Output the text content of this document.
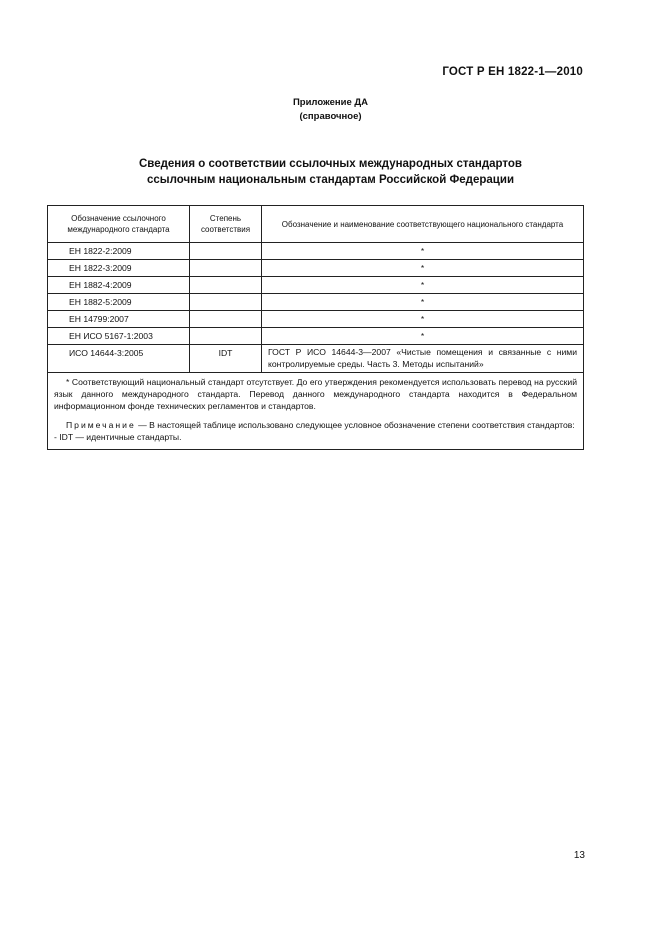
ГОСТ Р ЕН 1822-1—2010
Приложение ДА
(справочное)
Сведения о соответствии ссылочных международных стандартов
ссылочным национальным стандартам Российской Федерации
Обозначение ссылочного международного стандарта	Степень соответствия	Обозначение и наименование соответствующего национального стандарта
ЕН 1822-2:2009		*
ЕН 1822-3:2009		*
ЕН 1882-4:2009		*
ЕН 1882-5:2009		*
ЕН 14799:2007		*
ЕН ИСО 5167-1:2003		*
ИСО 14644-3:2005	IDT	ГОСТ Р ИСО 14644-3—2007 «Чистые помещения и связанные с ними контролируемые среды. Часть 3. Методы испытаний»

* Соответствующий национальный стандарт отсутствует. До его утверждения рекомендуется использовать перевод на русский язык данного международного стандарта. Перевод данного международного стандарта находится в Федеральном информационном фонде технических регламентов и стандартов.
Примечание — В настоящей таблице использовано следующее условное обозначение степени соответствия стандартов:
- IDT — идентичные стандарты.		
13
